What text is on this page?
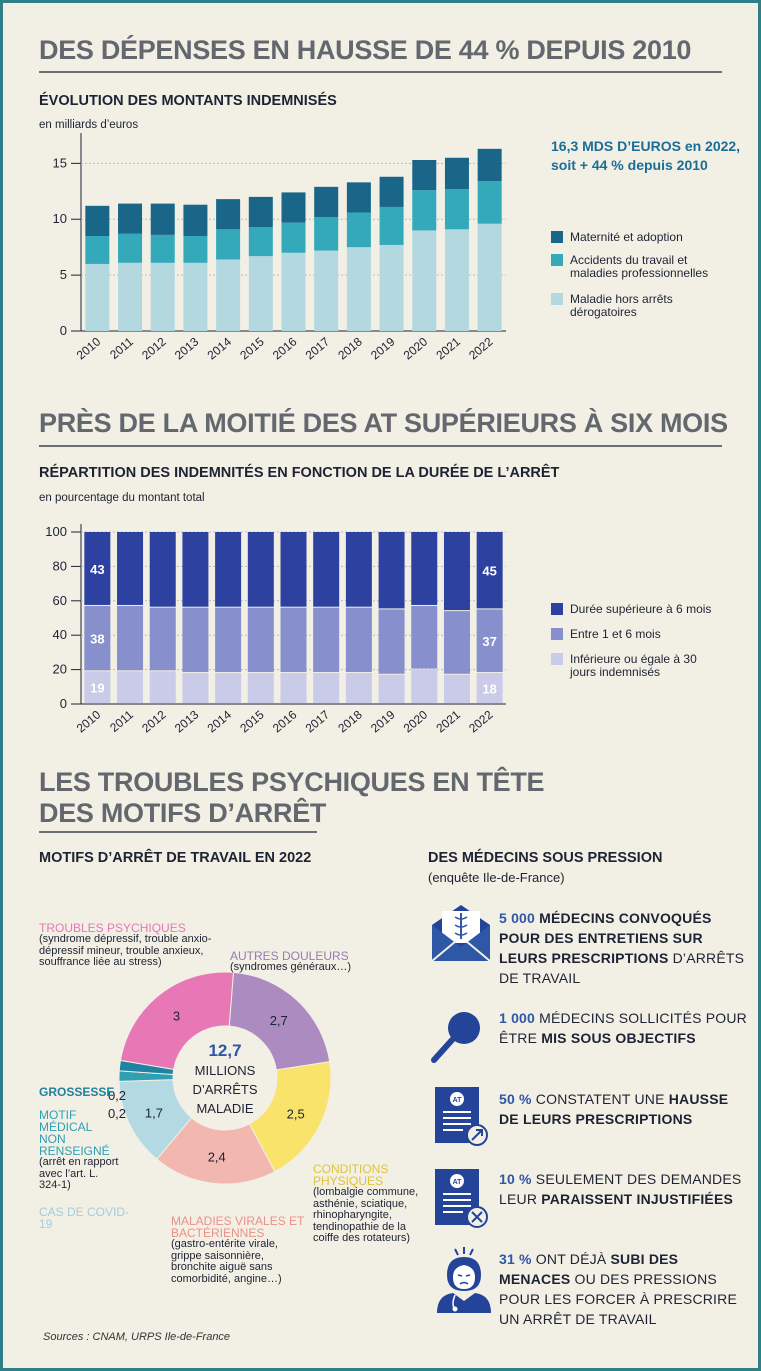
DES DÉPENSES EN HAUSSE DE 44 % DEPUIS 2010
ÉVOLUTION DES MONTANTS INDEMNISÉS
en milliards d’euros
0
5
10
15
2010 2011 2012 2013 2014 2015 2016 2017 2018 2019 2020 2021 2022
16,3 MDS D’EUROS en 2022, soit + 44 % depuis 2010
Maternité et adoption
Accidents du travail et maladies professionnelles
Maladie hors arrêts dérogatoires
PRÈS DE LA MOITIÉ DES AT SUPÉRIEURS À SIX MOIS
RÉPARTITION DES INDEMNITÉS EN FONCTION DE LA DURÉE DE L’ARRÊT
en pourcentage du montant total
0
20
40
60
80
100
2010 2011 2012 2013 2014 2015 2016 2017 2018 2019 2020 2021 2022
19
38
43
18
37
45
Durée supérieure à 6 mois
Entre 1 et 6 mois
Inférieure ou égale à 30 jours indemnisés
LES TROUBLES PSYCHIQUES EN TÊTE
DES MOTIFS D’ARRÊT
MOTIFS D’ARRÊT DE TRAVAIL EN 2022
2,7
2,5
2,4
1,7
0,2
0,2
3
12,7
MILLIONS
D’ARRÊTS
MALADIE
TROUBLES PSYCHIQUES
(syndrome dépressif, trouble anxio-dépressif mineur, trouble anxieux, souffrance liée au stress)	AUTRES DOULEURS
(syndromes généraux…)
CONDITIONS PHYSIQUES
(lombalgie commune, asthénie, sciatique, rhinopharyngite, tendinopathie de la coiffe des rotateurs)
MALADIES VIRALES ET BACTÉRIENNES
(gastro-entérite virale, grippe saisonnière, bronchite aiguë sans comorbidité, angine…)
GROSSESSE
MOTIF MÉDICAL NON RENSEIGNÉ
(arrêt en rapport avec l’art. L. 324-1)
CAS DE COVID-19
DES MÉDECINS SOUS PRESSION
(enquête Ile-de-France)
5 000 MÉDECINS CONVOQUÉS POUR DES ENTRETIENS SUR LEURS PRESCRIPTIONS D’ARRÊTS DE TRAVAIL
1 000 MÉDECINS SOLLICITÉS POUR ÊTRE MIS SOUS OBJECTIFS
AT	50 % CONSTATENT UNE HAUSSE DE LEURS PRESCRIPTIONS
AT	10 % SEULEMENT DES DEMANDES LEUR PARAISSENT INJUSTIFIÉES
31 % ONT DÉJÀ SUBI DES MENACES OU DES PRESSIONS POUR LES FORCER À PRESCRIRE UN ARRÊT DE TRAVAIL
Sources : CNAM, URPS Ile-de-France
